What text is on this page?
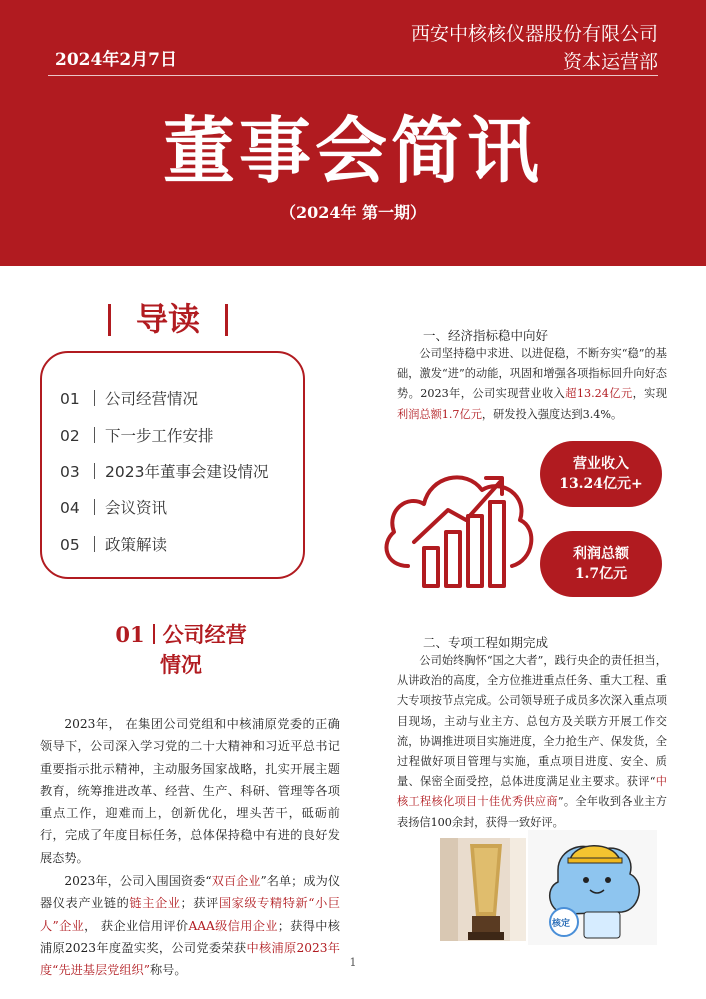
2024年2月7日
西安中核核仪器股份有限公司
资本运营部
董事会简讯
（2024年 第一期）
导读
01 公司经营情况
02 下一步工作安排
03 2023年董事会建设情况
04 会议资讯
05 政策解读
01 公司经营
情况

2023年， 在集团公司党组和中核浦原党委的正确领导下，公司深入学习党的二十大精神和习近平总书记重要指示批示精神，主动服务国家战略，扎实开展主题教育，统筹推进改革、经营、生产、科研、管理等各项重点工作，迎难而上，创新优化，埋头苦干，砥砺前行，完成了年度目标任务，总体保持稳中有进的良好发展态势。

2023年，公司入围国资委“双百企业”名单；成为仪器仪表产业链的链主企业；获评国家级专精特新“小巨人”企业， 获企业信用评价AAA级信用企业；获得中核浦原2023年度盈实奖，公司党委荣获中核浦原2023年度“先进基层党组织”称号。

一、经济指标稳中向好

公司坚持稳中求进、以进促稳，不断夯实“稳”的基础，激发“进”的动能，巩固和增强各项指标回升向好态势。2023年，公司实现营业收入超13.24亿元，实现利润总额1.7亿元，研发投入强度达到3.4%。

营业收入
13.24亿元+
利润总额
1.7亿元
二、专项工程如期完成

公司始终胸怀“国之大者”，践行央企的责任担当，从讲政治的高度，全方位推进重点任务、重大工程、重大专项按节点完成。公司领导班子成员多次深入重点项目现场，主动与业主方、总包方及关联方开展工作交流，协调推进项目实施进度，全力抢生产、保发货，全过程做好项目管理与实施，重点项目进度、安全、质量、保密全面受控，总体进度满足业主要求。获评“中核工程核化项目十佳优秀供应商”。全年收到各业主方表扬信100余封，获得一致好评。

核定
1
